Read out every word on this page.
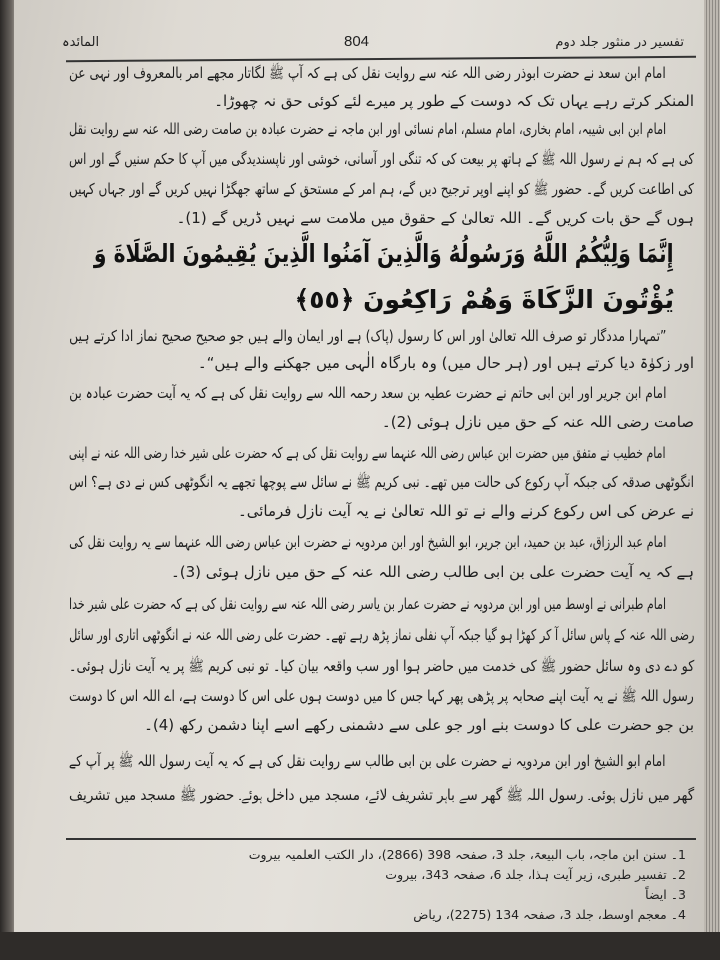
تفسیر در منثور جلد دوم
804
المائدہ
امام ابن سعد نے حضرت ابوذر رضی اللہ عنہ سے روایت نقل کی ہے کہ آپ ﷺ لگاتار مجھے امر بالمعروف اور نہی عن
المنکر کرتے رہے یہاں تک کہ دوست کے طور پر میرے لئے کوئی حق نہ چھوڑا۔
امام ابن ابی شیبہ، امام بخاری، امام مسلم، امام نسائی اور ابن ماجہ نے حضرت عبادہ بن صامت رضی اللہ عنہ سے روایت نقل
کی ہے کہ ہم نے رسول اللہ ﷺ کے ہاتھ پر بیعت کی کہ تنگی اور آسانی، خوشی اور ناپسندیدگی میں آپ کا حکم سنیں گے اور اس
کی اطاعت کریں گے۔ حضور ﷺ کو اپنے اوپر ترجیح دیں گے، ہم امر کے مستحق کے ساتھ جھگڑا نہیں کریں گے اور جہاں کہیں
ہوں گے حق بات کریں گے۔ اللہ تعالیٰ کے حقوق میں ملامت سے نہیں ڈریں گے (1)۔
إِنَّمَا وَلِيُّكُمُ اللَّهُ وَرَسُولُهُ وَالَّذِينَ آمَنُوا الَّذِينَ يُقِيمُونَ الصَّلَاةَ وَ
يُؤْتُونَ الزَّكَاةَ وَهُمْ رَاكِعُونَ ﴿٥٥﴾
”تمہارا مددگار تو صرف اللہ تعالیٰ اور اس کا رسول (پاک) ہے اور ایمان والے ہیں جو صحیح صحیح نماز ادا کرتے ہیں
اور زکوٰۃ دیا کرتے ہیں اور (ہر حال میں) وہ بارگاہ الٰہی میں جھکنے والے ہیں“۔
امام ابن جریر اور ابن ابی حاتم نے حضرت عطیہ بن سعد رحمہ اللہ سے روایت نقل کی ہے کہ یہ آیت حضرت عبادہ بن
صامت رضی اللہ عنہ کے حق میں نازل ہوئی (2)۔
امام خطیب نے متفق میں حضرت ابن عباس رضی اللہ عنہما سے روایت نقل کی ہے کہ حضرت علی شیر خدا رضی اللہ عنہ نے اپنی
انگوٹھی صدقہ کی جبکہ آپ رکوع کی حالت میں تھے۔ نبی کریم ﷺ نے سائل سے پوچھا تجھے یہ انگوٹھی کس نے دی ہے؟ اس
نے عرض کی اس رکوع کرنے والے نے تو اللہ تعالیٰ نے یہ آیت نازل فرمائی۔
امام عبد الرزاق، عبد بن حمید، ابن جریر، ابو الشیخ اور ابن مردویہ نے حضرت ابن عباس رضی اللہ عنہما سے یہ روایت نقل کی
ہے کہ یہ آیت حضرت علی بن ابی طالب رضی اللہ عنہ کے حق میں نازل ہوئی (3)۔
امام طبرانی نے اوسط میں اور ابن مردویہ نے حضرت عمار بن یاسر رضی اللہ عنہ سے روایت نقل کی ہے کہ حضرت علی شیر خدا
رضی اللہ عنہ کے پاس سائل آ کر کھڑا ہو گیا جبکہ آپ نفلی نماز پڑھ رہے تھے۔ حضرت علی رضی اللہ عنہ نے انگوٹھی اتاری اور سائل
کو دے دی وہ سائل حضور ﷺ کی خدمت میں حاضر ہوا اور سب واقعہ بیان کیا۔ تو نبی کریم ﷺ پر یہ آیت نازل ہوئی۔
رسول اللہ ﷺ نے یہ آیت اپنے صحابہ پر پڑھی پھر کہا جس کا میں دوست ہوں علی اس کا دوست ہے، اے اللہ اس کا دوست
بن جو حضرت علی کا دوست بنے اور جو علی سے دشمنی رکھے اسے اپنا دشمن رکھ (4)۔
امام ابو الشیخ اور ابن مردویہ نے حضرت علی بن ابی طالب سے روایت نقل کی ہے کہ یہ آیت رسول اللہ ﷺ پر آپ کے
گھر میں نازل ہوئی۔ رسول اللہ ﷺ گھر سے باہر تشریف لائے، مسجد میں داخل ہوئے۔ حضور ﷺ مسجد میں تشریف
1۔ سنن ابن ماجہ، باب البیعۃ، جلد 3، صفحہ 398 (2866)، دار الکتب العلمیہ بیروت
2۔ تفسیر طبری، زیر آیت ہذا، جلد 6، صفحہ 343، بیروت
3۔ ایضاً
4۔ معجم اوسط، جلد 3، صفحہ 134 (2275)، ریاض
